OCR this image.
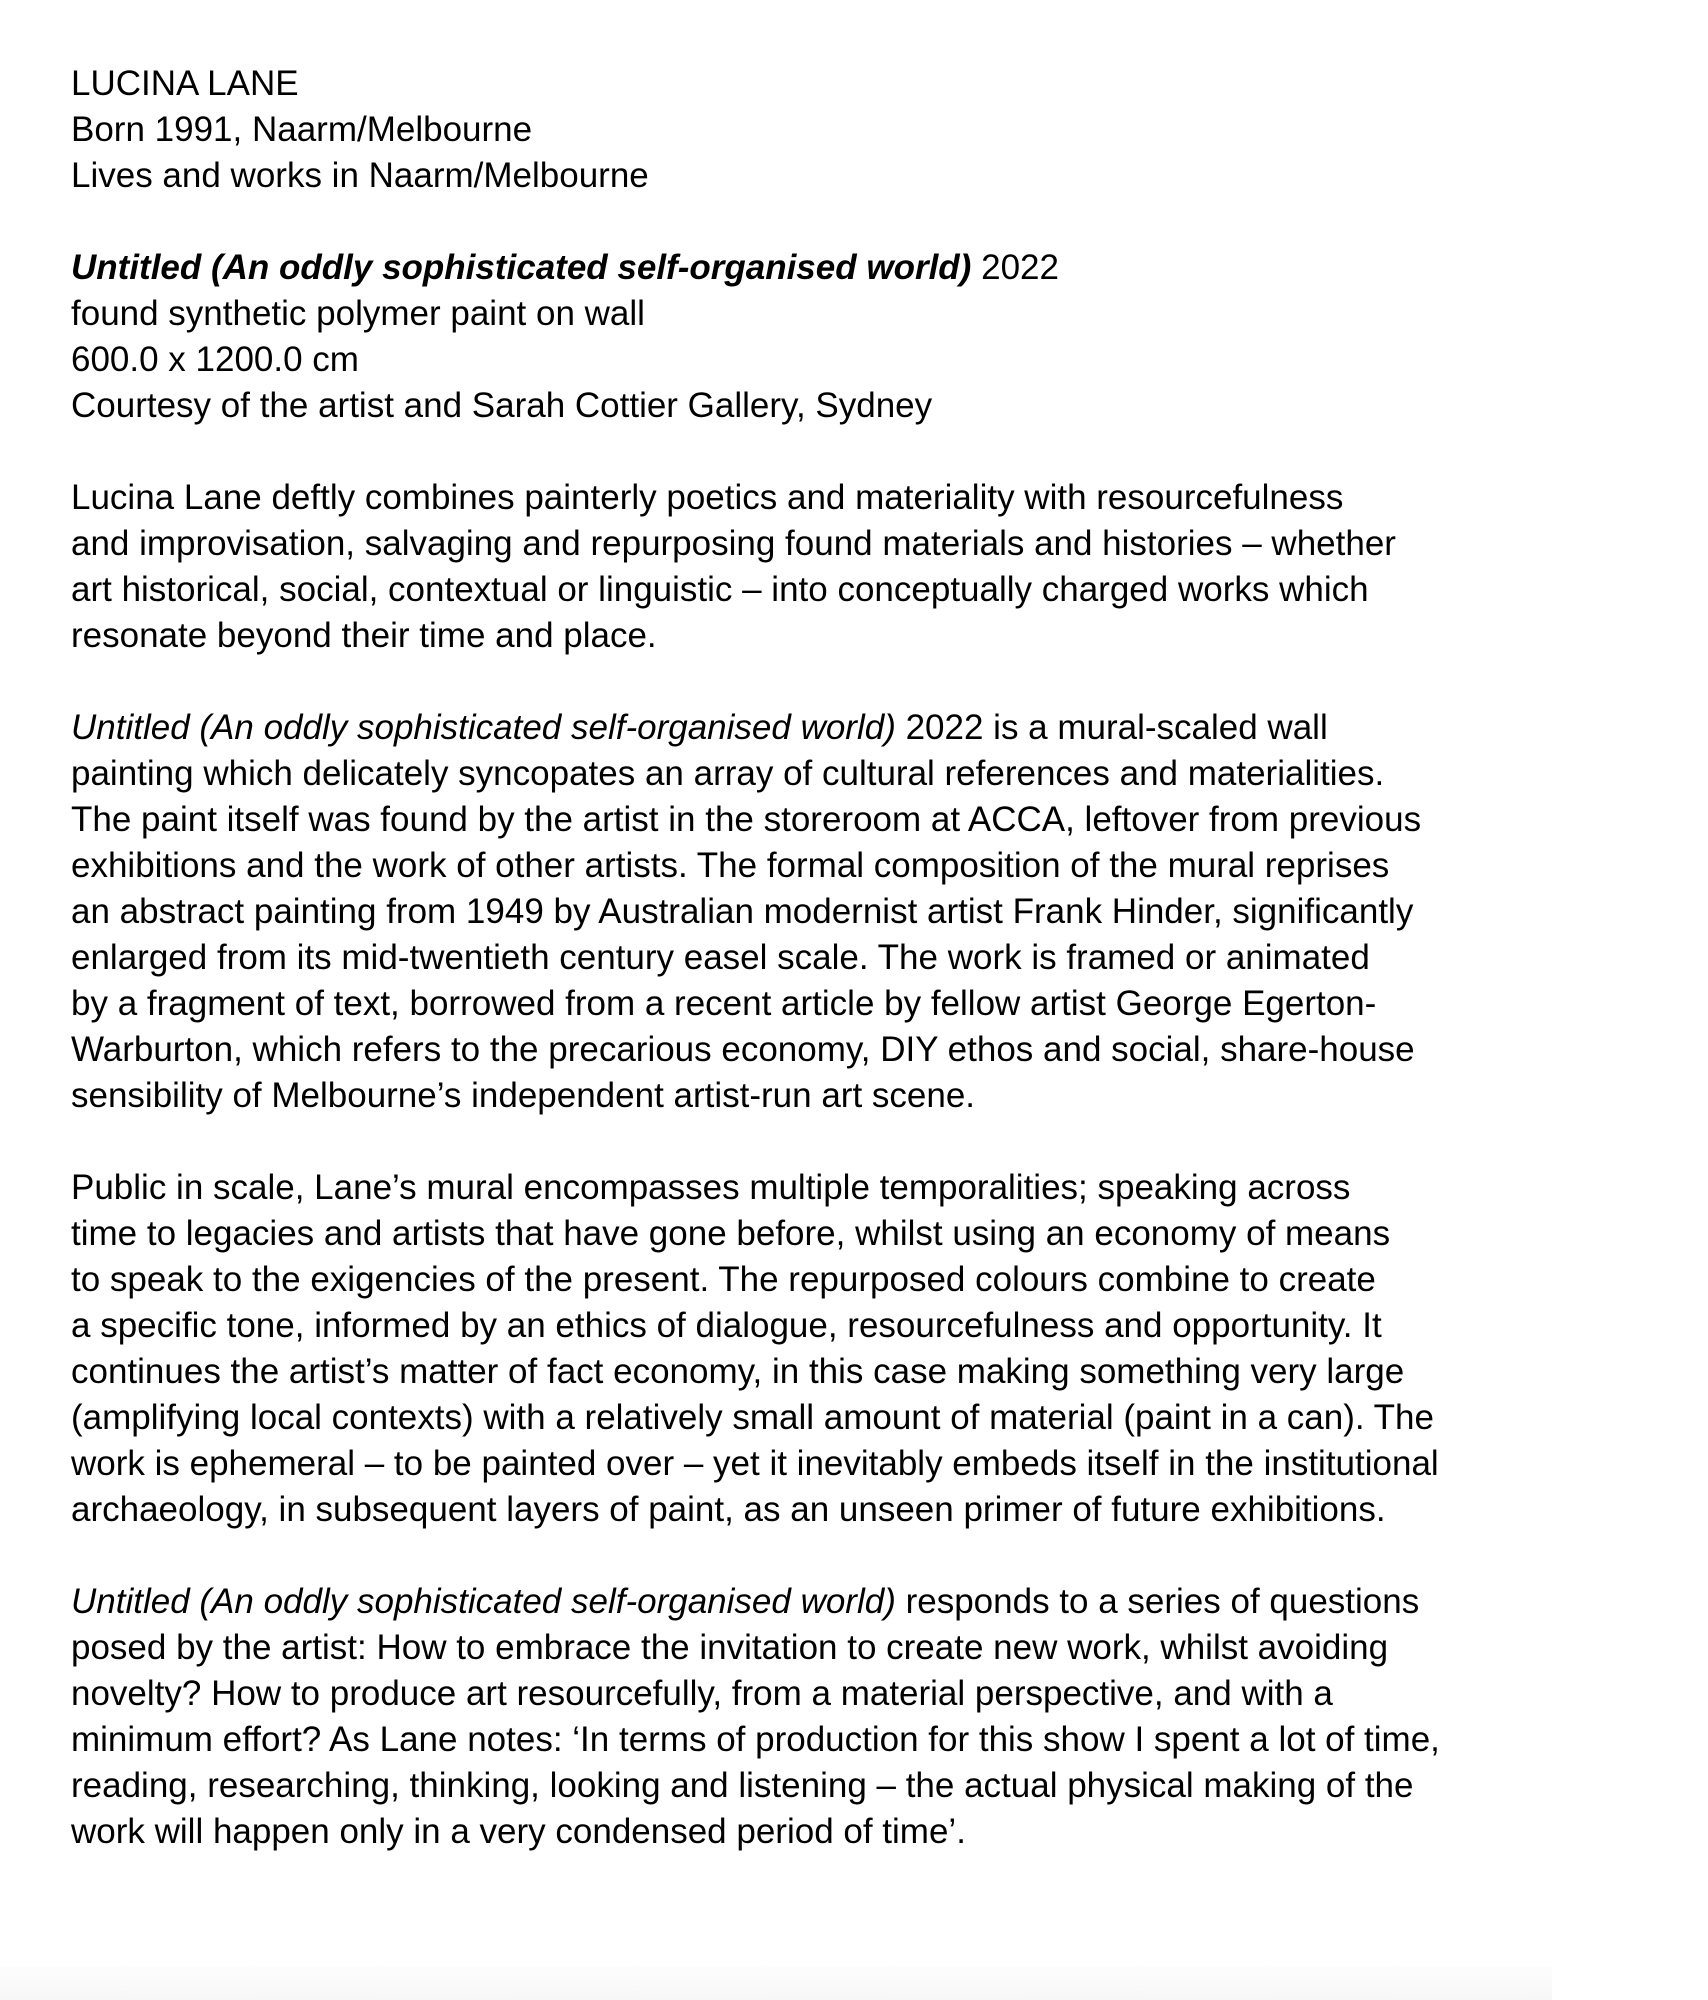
LUCINA LANE
Born 1991, Naarm/Melbourne
Lives and works in Naarm/Melbourne
Untitled (An oddly sophisticated self-organised world) 2022
found synthetic polymer paint on wall
600.0 x 1200.0 cm
Courtesy of the artist and Sarah Cottier Gallery, Sydney
Lucina Lane deftly combines painterly poetics and materiality with resourcefulness
and improvisation, salvaging and repurposing found materials and histories – whether
art historical, social, contextual or linguistic – into conceptually charged works which
resonate beyond their time and place.
Untitled (An oddly sophisticated self-organised world) 2022 is a mural-scaled wall
painting which delicately syncopates an array of cultural references and materialities.
The paint itself was found by the artist in the storeroom at ACCA, leftover from previous
exhibitions and the work of other artists. The formal composition of the mural reprises
an abstract painting from 1949 by Australian modernist artist Frank Hinder, significantly
enlarged from its mid-twentieth century easel scale. The work is framed or animated
by a fragment of text, borrowed from a recent article by fellow artist George Egerton-
Warburton, which refers to the precarious economy, DIY ethos and social, share-house
sensibility of Melbourne’s independent artist-run art scene.
Public in scale, Lane’s mural encompasses multiple temporalities; speaking across
time to legacies and artists that have gone before, whilst using an economy of means
to speak to the exigencies of the present. The repurposed colours combine to create
a specific tone, informed by an ethics of dialogue, resourcefulness and opportunity. It
continues the artist’s matter of fact economy, in this case making something very large
(amplifying local contexts) with a relatively small amount of material (paint in a can). The
work is ephemeral – to be painted over – yet it inevitably embeds itself in the institutional
archaeology, in subsequent layers of paint, as an unseen primer of future exhibitions.
Untitled (An oddly sophisticated self-organised world) responds to a series of questions
posed by the artist: How to embrace the invitation to create new work, whilst avoiding
novelty? How to produce art resourcefully, from a material perspective, and with a
minimum effort? As Lane notes: ‘In terms of production for this show I spent a lot of time,
reading, researching, thinking, looking and listening – the actual physical making of the
work will happen only in a very condensed period of time’.
